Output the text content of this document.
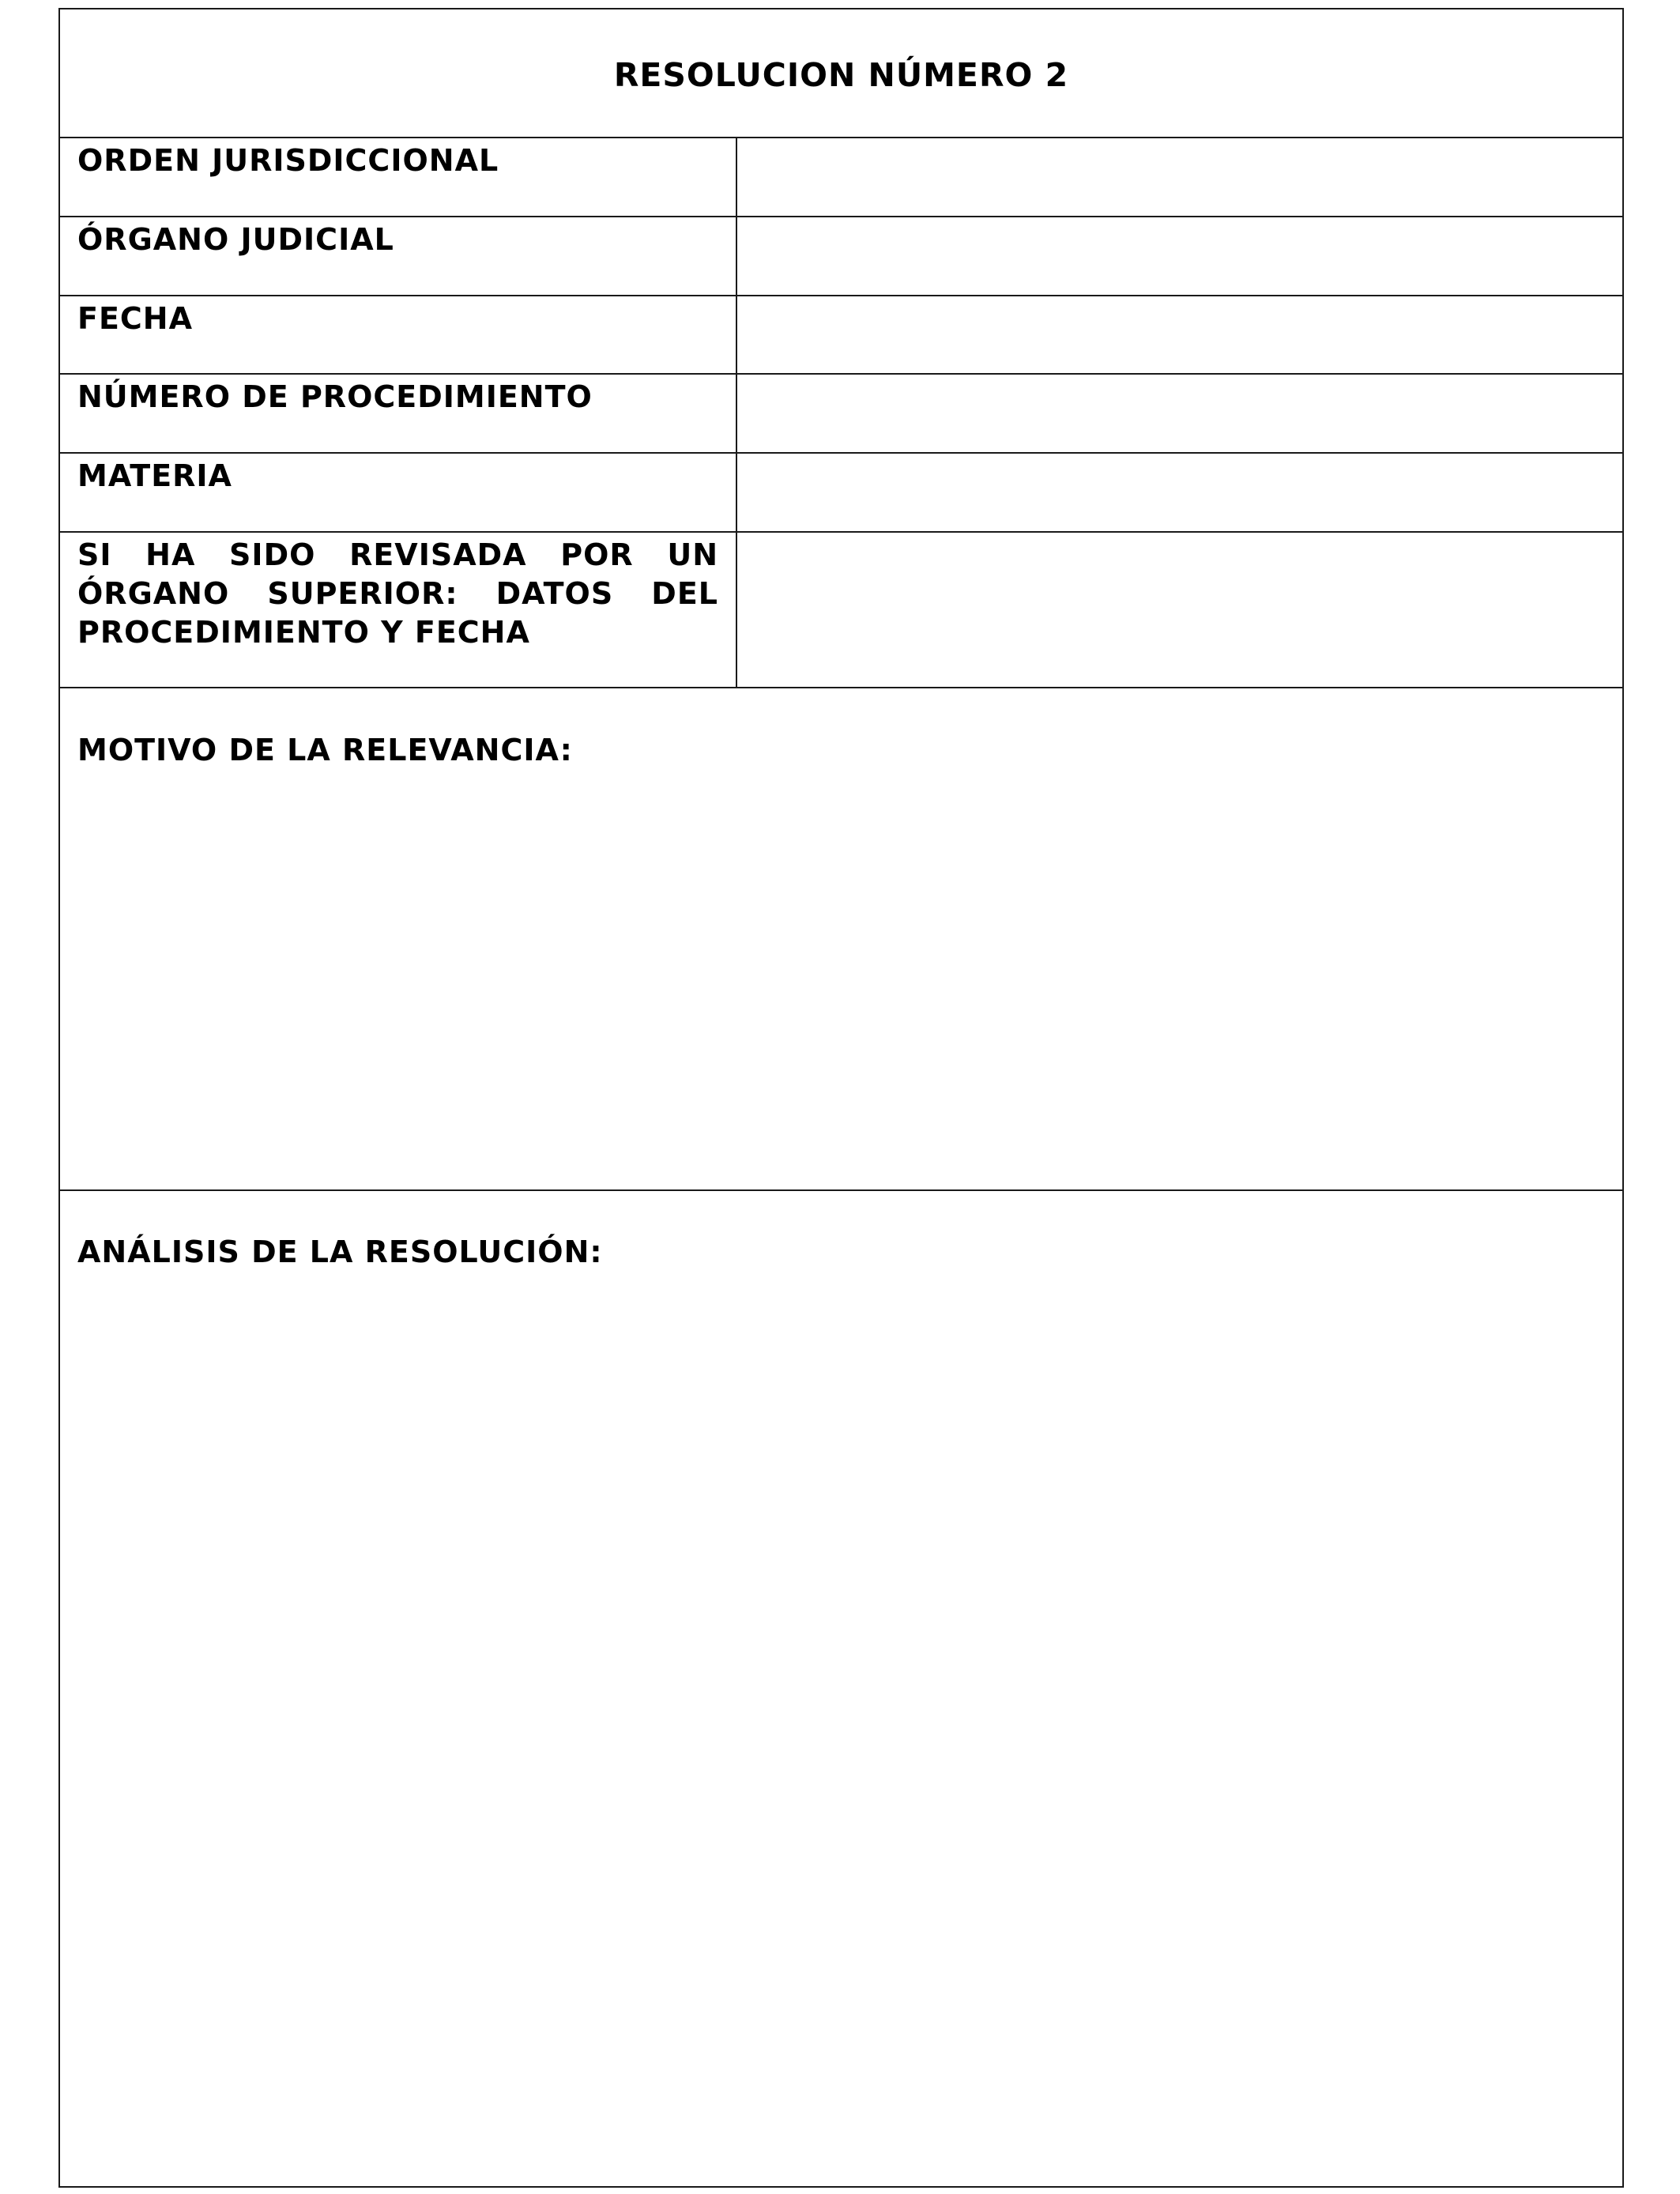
RESOLUCION NÚMERO 2
ORDEN JURISDICCIONAL
ÓRGANO JUDICIAL
FECHA
NÚMERO DE PROCEDIMIENTO
MATERIA
SI HA SIDO REVISADA POR UN ÓRGANO SUPERIOR: DATOS DEL PROCEDIMIENTO Y FECHA
MOTIVO DE LA RELEVANCIA:
ANÁLISIS DE LA RESOLUCIÓN:
